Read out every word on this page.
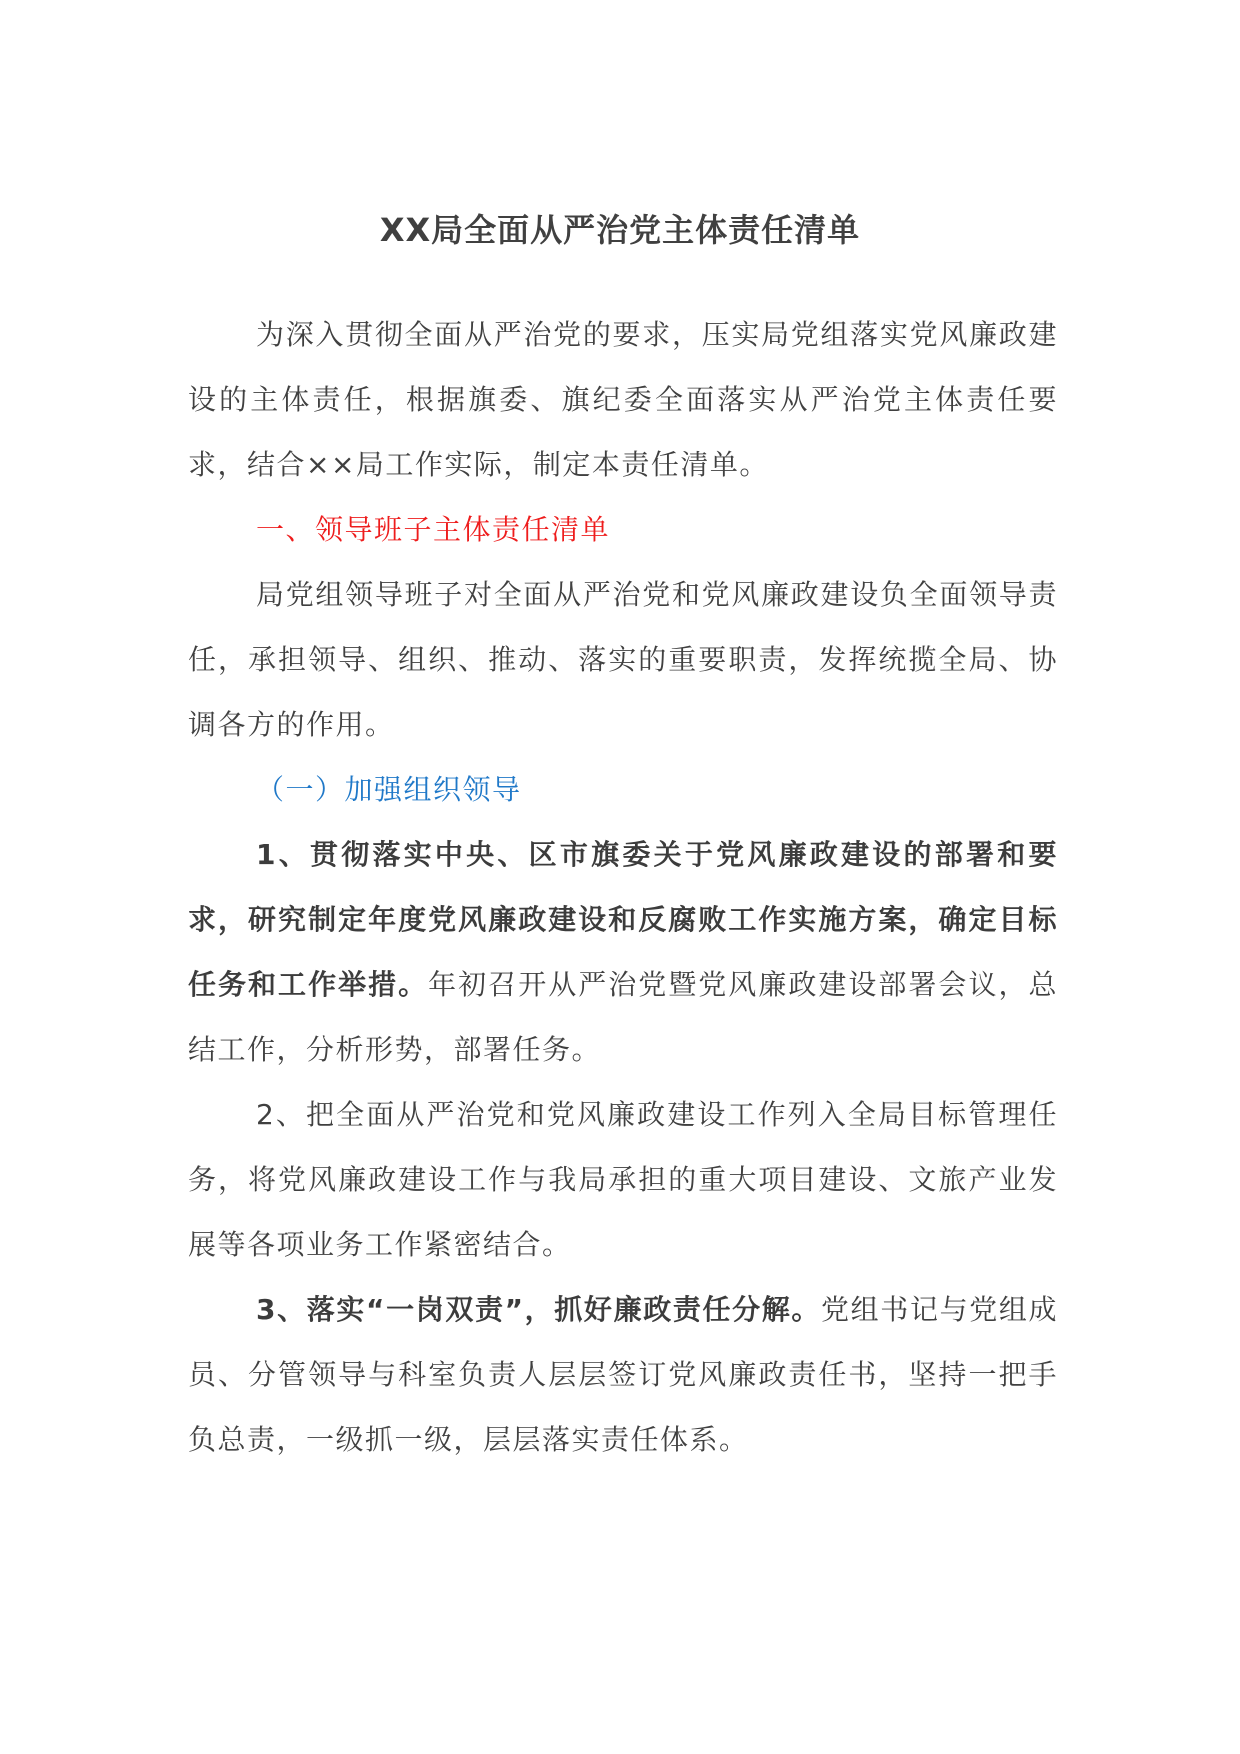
XX局全面从严治党主体责任清单

为深入贯彻全面从严治党的要求，压实局党组落实党风廉政建设的主体责任，根据旗委、旗纪委全面落实从严治党主体责任要求，结合××局工作实际，制定本责任清单。

一、领导班子主体责任清单

局党组领导班子对全面从严治党和党风廉政建设负全面领导责任，承担领导、组织、推动、落实的重要职责，发挥统揽全局、协调各方的作用。

（一）加强组织领导

1、贯彻落实中央、区市旗委关于党风廉政建设的部署和要求，研究制定年度党风廉政建设和反腐败工作实施方案，确定目标任务和工作举措。年初召开从严治党暨党风廉政建设部署会议，总结工作，分析形势，部署任务。

2、把全面从严治党和党风廉政建设工作列入全局目标管理任务，将党风廉政建设工作与我局承担的重大项目建设、文旅产业发展等各项业务工作紧密结合。

3、落实“一岗双责”，抓好廉政责任分解。党组书记与党组成员、分管领导与科室负责人层层签订党风廉政责任书，坚持一把手负总责，一级抓一级，层层落实责任体系。
